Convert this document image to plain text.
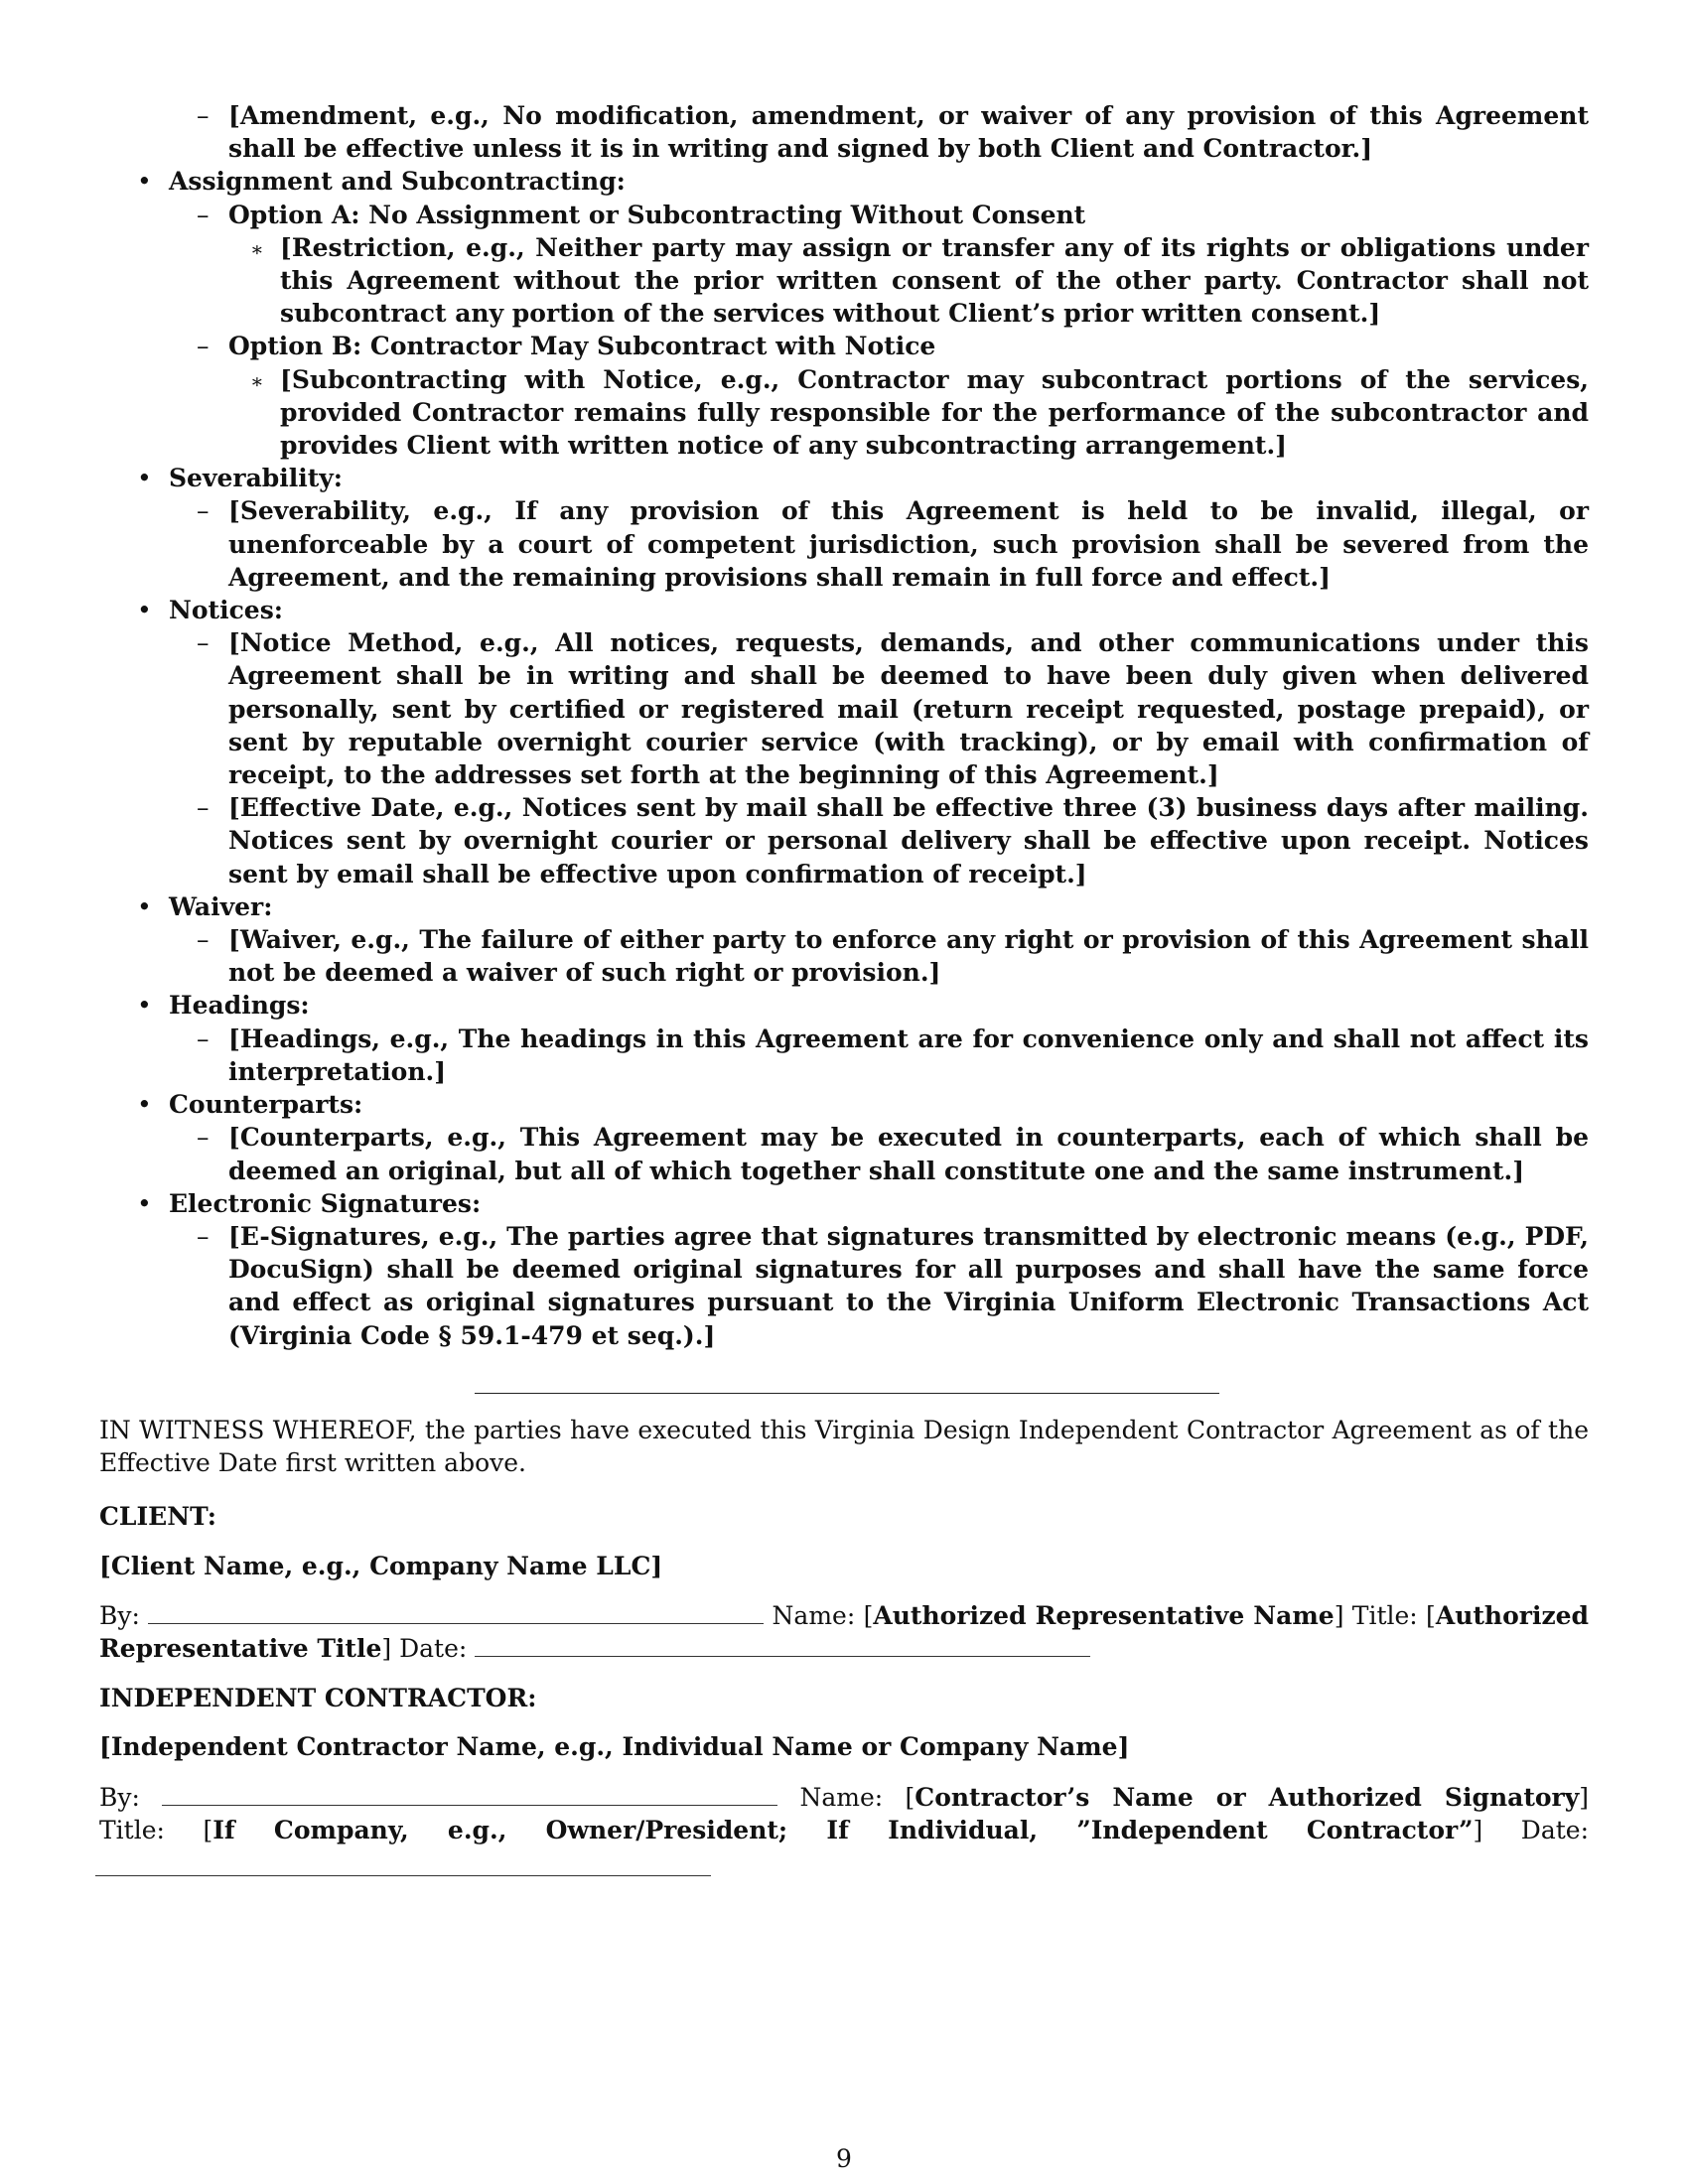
– [Amendment, e.g., No modification, amendment, or waiver of any provision of this Agreement shall be effective unless it is in writing and signed by both Client and Contractor.]
• Assignment and Subcontracting:
– Option A: No Assignment or Subcontracting Without Consent
∗ [Restriction, e.g., Neither party may assign or transfer any of its rights or obligations under this Agreement without the prior written consent of the other party. Contractor shall not subcontract any portion of the services without Client’s prior written consent.]
– Option B: Contractor May Subcontract with Notice
∗ [Subcontracting with Notice, e.g., Contractor may subcontract portions of the services, provided Contractor remains fully responsible for the performance of the subcontractor and provides Client with written notice of any subcontracting arrangement.]
• Severability:
– [Severability, e.g., If any provision of this Agreement is held to be invalid, illegal, or unenforceable by a court of competent jurisdiction, such provision shall be severed from the Agreement, and the remaining provisions shall remain in full force and effect.]
• Notices:
– [Notice Method, e.g., All notices, requests, demands, and other communications under this Agreement shall be in writing and shall be deemed to have been duly given when delivered personally, sent by certified or registered mail (return receipt requested, postage prepaid), or sent by reputable overnight courier service (with tracking), or by email with confirmation of receipt, to the addresses set forth at the beginning of this Agreement.]
– [Effective Date, e.g., Notices sent by mail shall be effective three (3) business days after mailing. Notices sent by overnight courier or personal delivery shall be effective upon receipt. Notices sent by email shall be effective upon confirmation of receipt.]
• Waiver:
– [Waiver, e.g., The failure of either party to enforce any right or provision of this Agreement shall not be deemed a waiver of such right or provision.]
• Headings:
– [Headings, e.g., The headings in this Agreement are for convenience only and shall not affect its interpretation.]
• Counterparts:
– [Counterparts, e.g., This Agreement may be executed in counterparts, each of which shall be deemed an original, but all of which together shall constitute one and the same instrument.]
• Electronic Signatures:
– [E-Signatures, e.g., The parties agree that signatures transmitted by electronic means (e.g., PDF, DocuSign) shall be deemed original signatures for all purposes and shall have the same force and effect as original signatures pursuant to the Virginia Uniform Electronic Transactions Act (Virginia Code § 59.1-479 et seq.).]

IN WITNESS WHEREOF, the parties have executed this Virginia Design Independent Contractor Agreement as of the Effective Date first written above.

CLIENT:
[Client Name, e.g., Company Name LLC]

By:	Name: [Authorized Representative Name] Title: [Authorized Representative Title] Date:

INDEPENDENT CONTRACTOR:
[Independent Contractor Name, e.g., Individual Name or Company Name]

By:	Name: [Contractor’s Name or Authorized Signatory] Title: [If Company, e.g., Owner/President; If Individual, ”Independent Contractor”] Date:

9
